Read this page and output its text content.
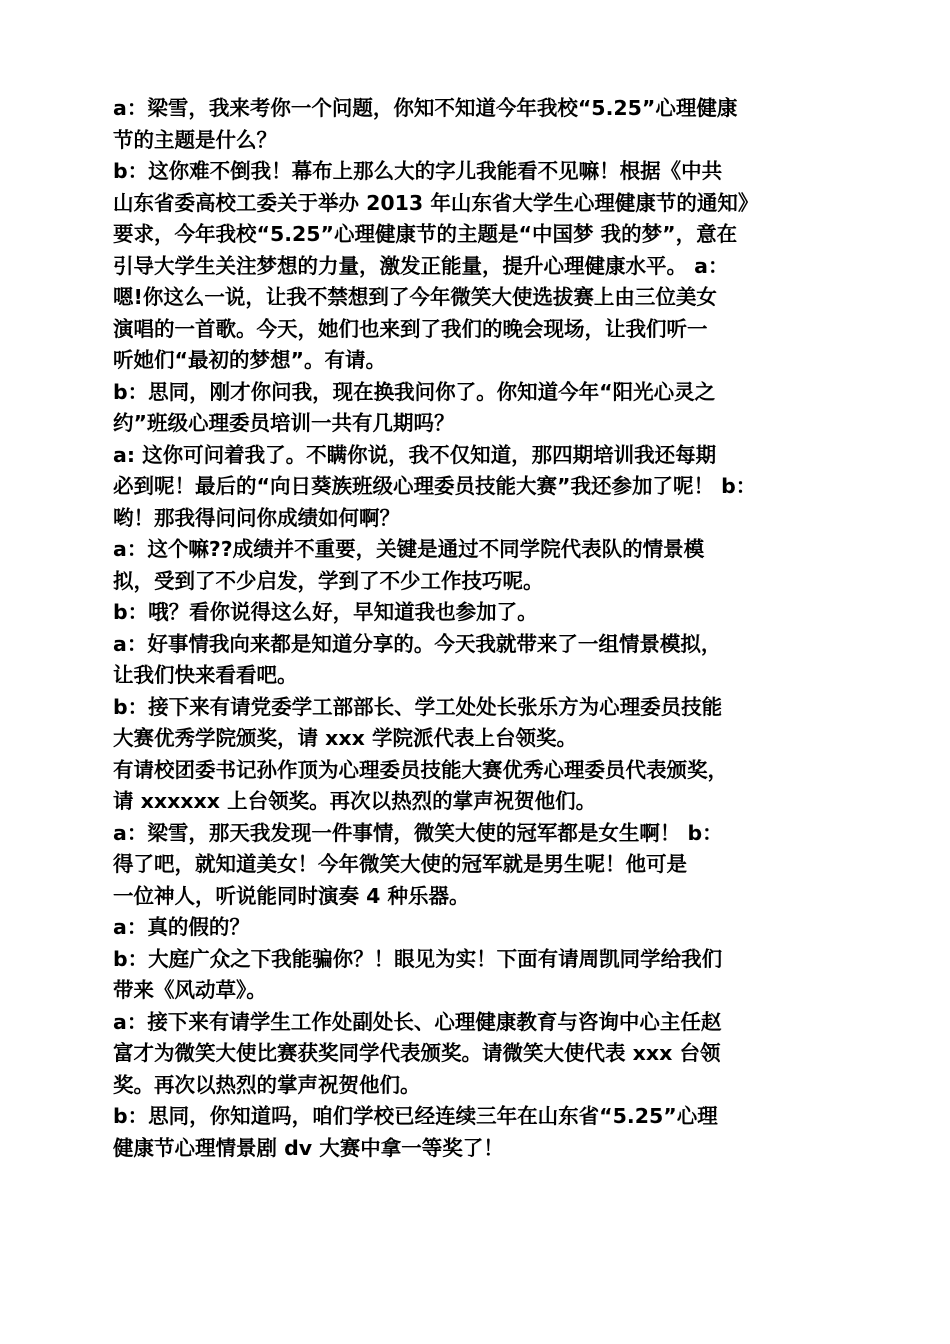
a：梁雪，我来考你一个问题，你知不知道今年我校“5.25”心理健康
节的主题是什么？
b：这你难不倒我！幕布上那么大的字儿我能看不见嘛！根据《中共
山东省委高校工委关于举办 2013 年山东省大学生心理健康节的通知》
要求，今年我校“5.25”心理健康节的主题是“中国梦 我的梦”，意在
引导大学生关注梦想的力量，激发正能量，提升心理健康水平。 a：
嗯!你这么一说，让我不禁想到了今年微笑大使选拔赛上由三位美女
演唱的一首歌。今天，她们也来到了我们的晚会现场，让我们听一
听她们“最初的梦想”。有请。
b：思同，刚才你问我，现在换我问你了。你知道今年“阳光心灵之
约”班级心理委员培训一共有几期吗？
a: 这你可问着我了。不瞒你说，我不仅知道，那四期培训我还每期
必到呢！最后的“向日葵族班级心理委员技能大赛”我还参加了呢！ b：
哟！那我得问问你成绩如何啊？
a：这个嘛??成绩并不重要，关键是通过不同学院代表队的情景模
拟，受到了不少启发，学到了不少工作技巧呢。
b：哦？看你说得这么好，早知道我也参加了。
a：好事情我向来都是知道分享的。今天我就带来了一组情景模拟，
让我们快来看看吧。
b：接下来有请党委学工部部长、学工处处长张乐方为心理委员技能
大赛优秀学院颁奖，请 xxx 学院派代表上台领奖。
有请校团委书记孙作顶为心理委员技能大赛优秀心理委员代表颁奖，
请 xxxxxx 上台领奖。再次以热烈的掌声祝贺他们。
a：梁雪，那天我发现一件事情，微笑大使的冠军都是女生啊！ b：
得了吧，就知道美女！今年微笑大使的冠军就是男生呢！他可是
一位神人，听说能同时演奏 4 种乐器。
a：真的假的？
b：大庭广众之下我能骗你？！眼见为实！下面有请周凯同学给我们
带来《风动草》。
a：接下来有请学生工作处副处长、心理健康教育与咨询中心主任赵
富才为微笑大使比赛获奖同学代表颁奖。请微笑大使代表 xxx 台领
奖。再次以热烈的掌声祝贺他们。
b：思同，你知道吗，咱们学校已经连续三年在山东省“5.25”心理
健康节心理情景剧 dv 大赛中拿一等奖了！
